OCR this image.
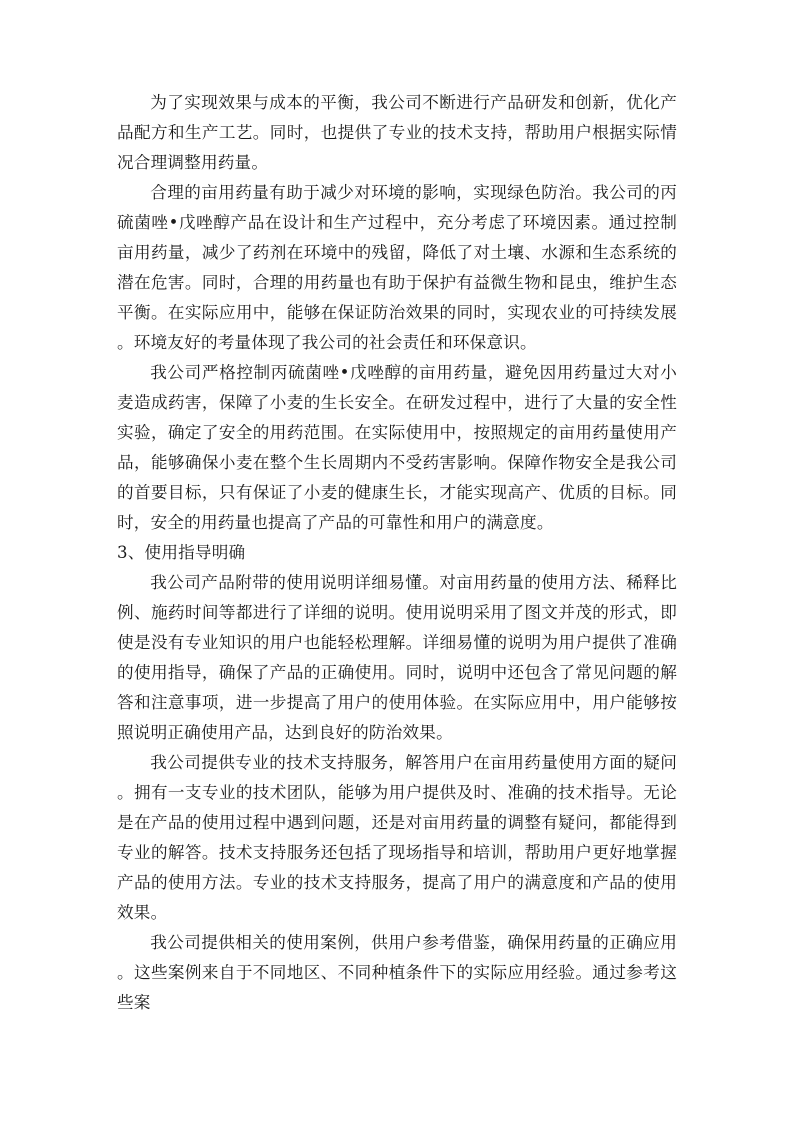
为了实现效果与成本的平衡，我公司不断进行产品研发和创新，优化产品配方和生产工艺。同时，也提供了专业的技术支持，帮助用户根据实际情况合理调整用药量。

合理的亩用药量有助于减少对环境的影响，实现绿色防治。我公司的丙硫菌唑•戊唑醇产品在设计和生产过程中，充分考虑了环境因素。通过控制亩用药量，减少了药剂在环境中的残留，降低了对土壤、水源和生态系统的潜在危害。同时，合理的用药量也有助于保护有益微生物和昆虫，维护生态平衡。在实际应用中，能够在保证防治效果的同时，实现农业的可持续发展。环境友好的考量体现了我公司的社会责任和环保意识。

我公司严格控制丙硫菌唑•戊唑醇的亩用药量，避免因用药量过大对小麦造成药害，保障了小麦的生长安全。在研发过程中，进行了大量的安全性实验，确定了安全的用药范围。在实际使用中，按照规定的亩用药量使用产品，能够确保小麦在整个生长周期内不受药害影响。保障作物安全是我公司的首要目标，只有保证了小麦的健康生长，才能实现高产、优质的目标。同时，安全的用药量也提高了产品的可靠性和用户的满意度。

3、使用指导明确

我公司产品附带的使用说明详细易懂。对亩用药量的使用方法、稀释比例、施药时间等都进行了详细的说明。使用说明采用了图文并茂的形式，即使是没有专业知识的用户也能轻松理解。详细易懂的说明为用户提供了准确的使用指导，确保了产品的正确使用。同时，说明中还包含了常见问题的解答和注意事项，进一步提高了用户的使用体验。在实际应用中，用户能够按照说明正确使用产品，达到良好的防治效果。

我公司提供专业的技术支持服务，解答用户在亩用药量使用方面的疑问。拥有一支专业的技术团队，能够为用户提供及时、准确的技术指导。无论是在产品的使用过程中遇到问题，还是对亩用药量的调整有疑问，都能得到专业的解答。技术支持服务还包括了现场指导和培训，帮助用户更好地掌握产品的使用方法。专业的技术支持服务，提高了用户的满意度和产品的使用效果。

我公司提供相关的使用案例，供用户参考借鉴，确保用药量的正确应用。这些案例来自于不同地区、不同种植条件下的实际应用经验。通过参考这些案
